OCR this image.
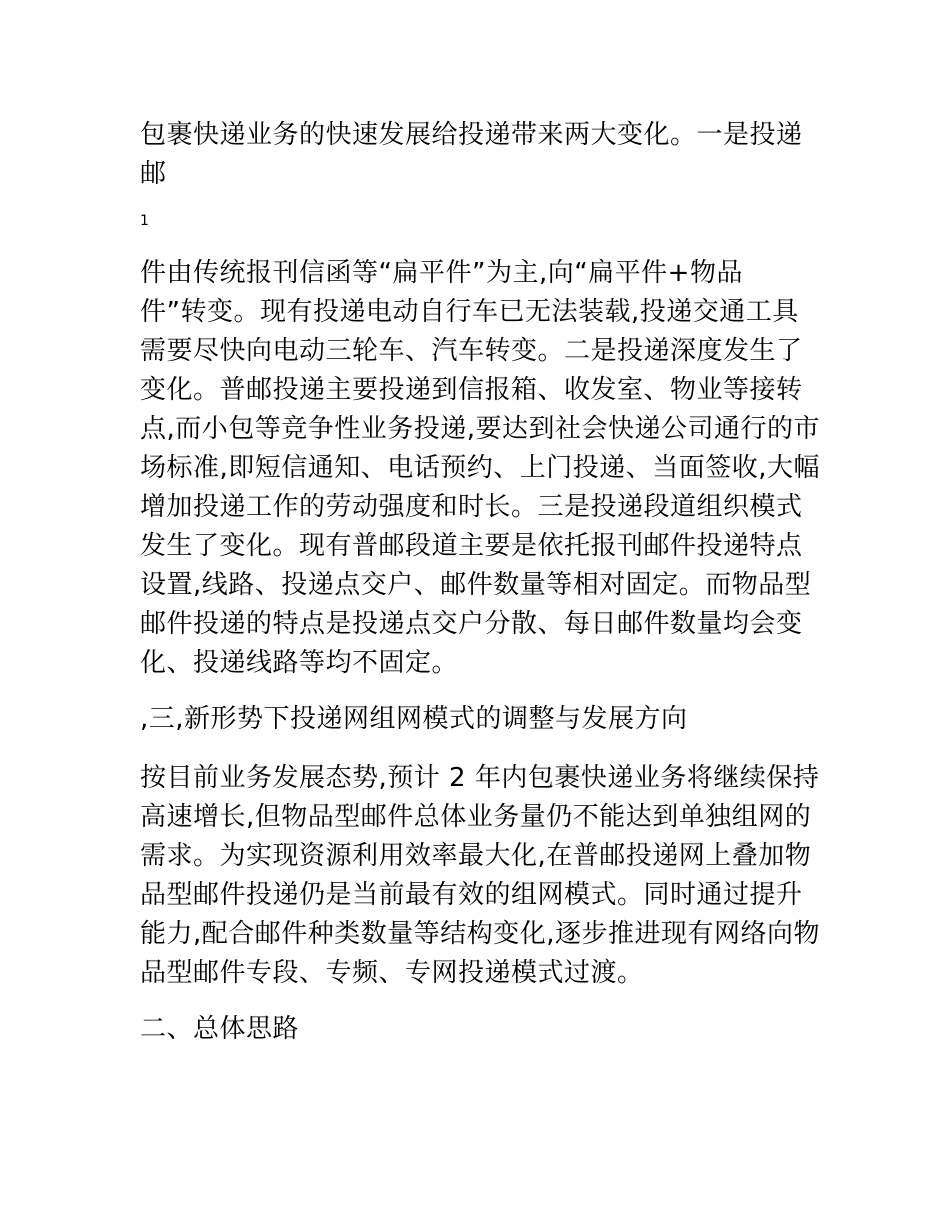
包裹快递业务的快速发展给投递带来两大变化。一是投递
邮
1
件由传统报刊信函等“扁平件”为主,向“扁平件+物品
件”转变。现有投递电动自行车已无法装载,投递交通工具
需要尽快向电动三轮车、汽车转变。二是投递深度发生了
变化。普邮投递主要投递到信报箱、收发室、物业等接转
点,而小包等竞争性业务投递,要达到社会快递公司通行的市
场标准,即短信通知、电话预约、上门投递、当面签收,大幅
增加投递工作的劳动强度和时长。三是投递段道组织模式
发生了变化。现有普邮段道主要是依托报刊邮件投递特点
设置,线路、投递点交户、邮件数量等相对固定。而物品型
邮件投递的特点是投递点交户分散、每日邮件数量均会变
化、投递线路等均不固定。
,三,新形势下投递网组网模式的调整与发展方向
按目前业务发展态势,预计 2 年内包裹快递业务将继续保持
高速增长,但物品型邮件总体业务量仍不能达到单独组网的
需求。为实现资源利用效率最大化,在普邮投递网上叠加物
品型邮件投递仍是当前最有效的组网模式。同时通过提升
能力,配合邮件种类数量等结构变化,逐步推进现有网络向物
品型邮件专段、专频、专网投递模式过渡。
二、总体思路
